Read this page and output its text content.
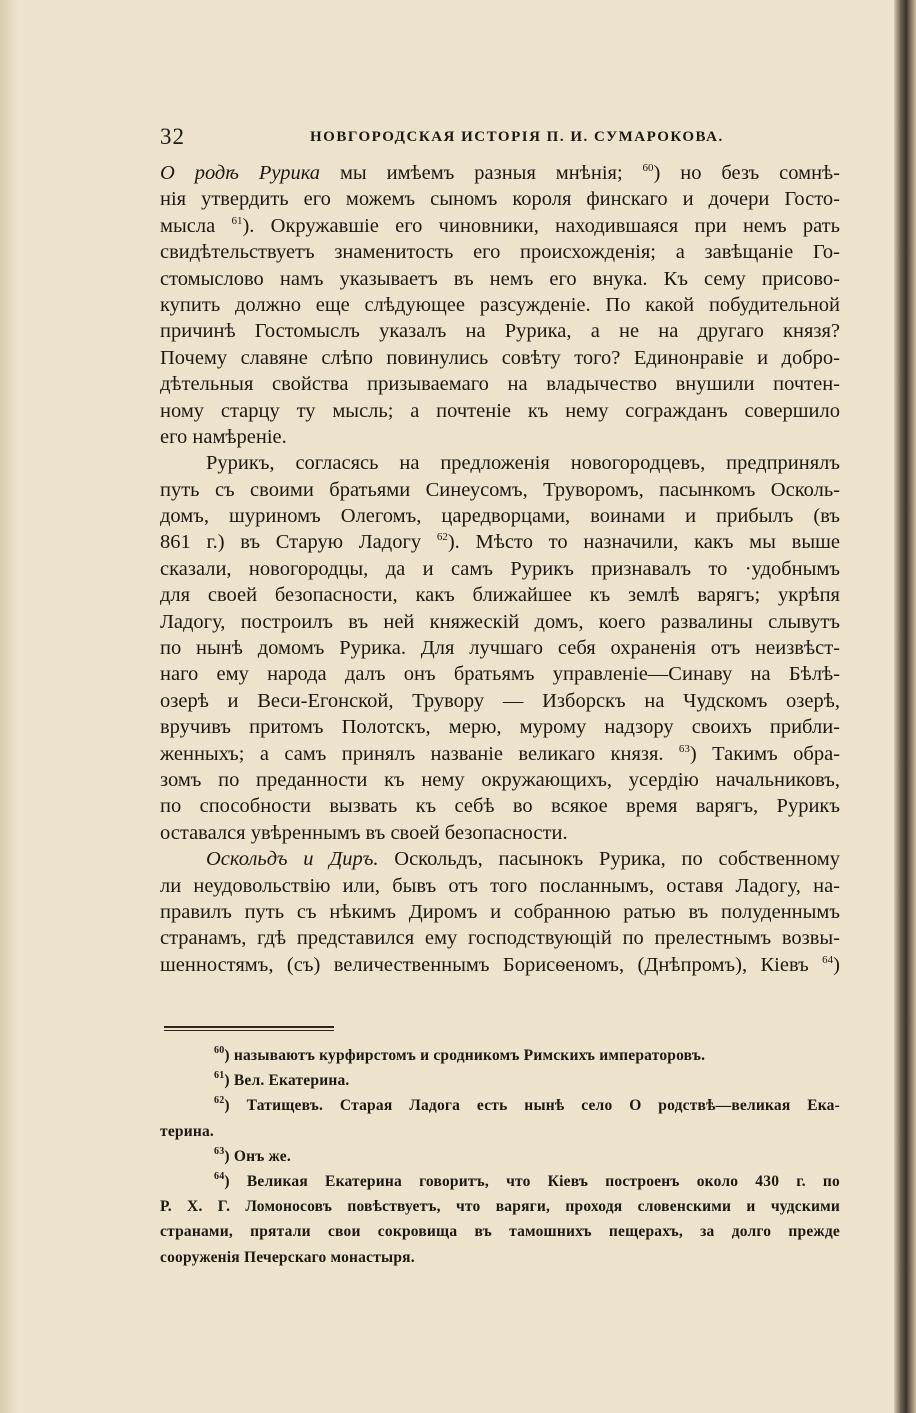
32	НОВГОРОДСКАЯ ИСТОРІЯ П. И. СУМАРОКОВА.
О родѣ Рурика мы имѣемъ разныя мнѣнія; $^{60}$) но безъ сомнѣ-
нія утвердить его можемъ сыномъ короля финскаго и дочери Госто-
мысла $^{61}$). Окружавшіе его чиновники, находившаяся при немъ рать
свидѣтельствуетъ знаменитость его происхожденія; а завѣщаніе Го-
стомыслово намъ указываетъ въ немъ его внука. Къ сему присово-
купить должно еще слѣдующее разсужденіе. По какой побудительной
причинѣ Гостомыслъ указалъ на Рурика, а не на другаго князя?
Почему славяне слѣпо повинулись совѣту того? Единонравіе и добро-
дѣтельныя свойства призываемаго на владычество внушили почтен-
ному старцу ту мысль; а почтеніе къ нему согражданъ совершило
его намѣреніе.
Рурикъ, согласясь на предложенія новогородцевъ, предпринялъ
путь съ своими братьями Синеусомъ, Труворомъ, пасынкомъ Осколь-
домъ, шуриномъ Олегомъ, царедворцами, воинами и прибылъ (въ
861 г.) въ Старую Ладогу $^{62}$). Мѣсто то назначили, какъ мы выше
сказали, новогородцы, да и самъ Рурикъ признавалъ то ·удобнымъ
для своей безопасности, какъ ближайшее къ землѣ варягъ; укрѣпя
Ладогу, построилъ въ ней княжескій домъ, коего развалины слывутъ
по нынѣ домомъ Рурика. Для лучшаго себя охраненія отъ неизвѣст-
наго ему народа далъ онъ братьямъ управленіе—Синаву на Бѣлѣ-
озерѣ и Веси-Егонской, Трувору — Изборскъ на Чудскомъ озерѣ,
вручивъ притомъ Полотскъ, мерю, мурому надзору своихъ прибли-
женныхъ; а самъ принялъ названіе великаго князя. $^{63}$) Такимъ обра-
зомъ по преданности къ нему окружающихъ, усердію начальниковъ,
по способности вызвать къ себѣ во всякое время варягъ, Рурикъ
оставался увѣреннымъ въ своей безопасности.
Оскольдъ и Диръ. Оскольдъ, пасынокъ Рурика, по собственному
ли неудовольствію или, бывъ отъ того посланнымъ, оставя Ладогу, на-
правилъ путь съ нѣкимъ Диромъ и собранною ратью въ полуденнымъ
странамъ, гдѣ представился ему господствующій по прелестнымъ возвы-
шенностямъ, (съ) величественнымъ Борисѳеномъ, (Днѣпромъ), Кіевъ $^{64}$)
$^{60}$) называютъ курфирстомъ и сродникомъ Римскихъ императоровъ.
$^{61}$) Вел. Екатерина.
$^{62}$) Татищевъ. Старая Ладога есть нынѣ село О родствѣ—великая Ека-
терина.
$^{63}$) Онъ же.
$^{64}$) Великая Екатерина говоритъ, что Кіевъ построенъ около 430 г. по
Р. Х. Г. Ломоносовъ повѣствуетъ, что варяги, проходя словенскими и чудскими
странами, прятали свои сокровища въ тамошнихъ пещерахъ, за долго прежде
сооруженія Печерскаго монастыря.
